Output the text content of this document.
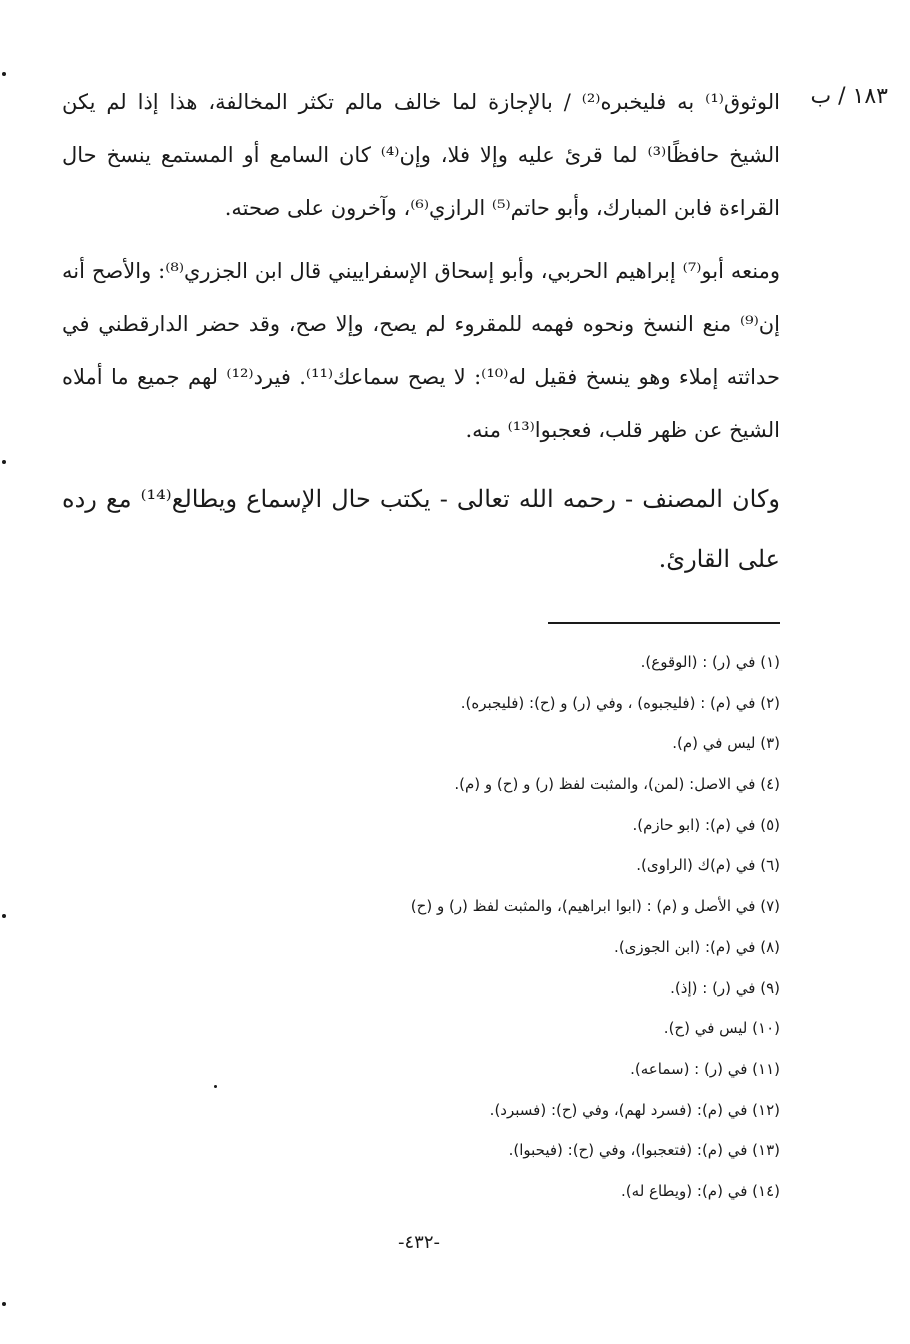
١٨٣ / ب

الوثوق⁽¹⁾ به فليخبره⁽²⁾ / بالإجازة لما خالف مالم تكثر المخالفة، هذا إذا لم يكن الشيخ حافظًا⁽³⁾ لما قرئ عليه وإلا فلا، وإن⁽⁴⁾ كان السامع أو المستمع ينسخ حال القراءة فابن المبارك، وأبو حاتم⁽⁵⁾ الرازي⁽⁶⁾، وآخرون على صحته.

ومنعه أبو⁽⁷⁾ إبراهيم الحربي، وأبو إسحاق الإسفراييني قال ابن الجزري⁽⁸⁾: والأصح أنه إن⁽⁹⁾ منع النسخ ونحوه فهمه للمقروء لم يصح، وإلا صح، وقد حضر الدارقطني في حداثته إملاء وهو ينسخ فقيل له⁽¹⁰⁾: لا يصح سماعك⁽¹¹⁾. فيرد⁽¹²⁾ لهم جميع ما أملاه الشيخ عن ظهر قلب، فعجبوا⁽¹³⁾ منه.

وكان المصنف - رحمه الله تعالى - يكتب حال الإسماع ويطالع⁽¹⁴⁾ مع رده على القارئ.

(١) في (ر) : (الوقوع).
(٢) في (م) : (فليجبوه) ، وفي (ر) و (ح): (فليجبره).
(٣) ليس في (م).
(٤) في الاصل: (لمن)، والمثبت لفظ (ر) و (ح) و (م).
(٥) في (م): (ابو حازم).
(٦) في (م)ك (الراوى).
(٧) في الأصل و (م) : (ابوا ابراهيم)، والمثبت لفظ (ر) و (ح)
(٨) في (م): (ابن الجوزى).
(٩) في (ر) : (إذ).
(١٠) ليس في (ح).
(١١) في (ر) : (سماعه).
(١٢) في (م): (فسرد لهم)، وفي (ح): (فسبرد).
(١٣) في (م): (فتعجبوا)، وفي (ح): (فيحبوا).
(١٤) في (م): (ويطاع له).
-٤٣٢-
